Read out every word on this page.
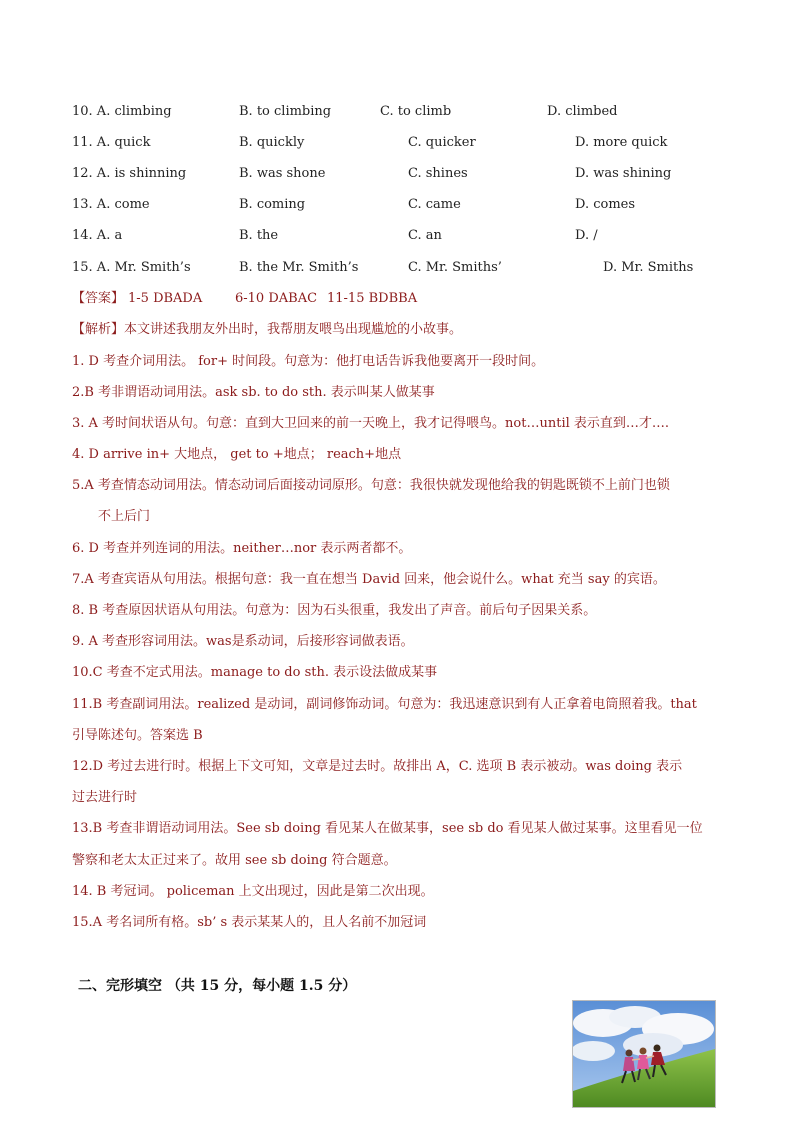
10. A. climbing	B. to climbing	C. to climb	D. climbed
11. A. quick	B. quickly	C. quicker	D. more quick
12. A. is shinning	B. was shone	C. shines	D. was shining
13. A. come	B. coming	C. came	D. comes
14. A. a	B. the	C. an	D. /
15. A. Mr. Smith’s	B. the Mr. Smith’s	C. Mr. Smiths’	D. Mr. Smiths
【答案】 1-5 DBADA	6-10 DABAC 11-15 BDBBA
【解析】本文讲述我朋友外出时，我帮朋友喂鸟出现尴尬的小故事。
1. D 考查介词用法。 for+ 时间段。句意为：他打电话告诉我他要离开一段时间。
2.B 考非谓语动词用法。ask sb. to do sth. 表示叫某人做某事
3. A 考时间状语从句。句意：直到大卫回来的前一天晚上，我才记得喂鸟。not…until 表示直到…才….
4. D arrive in+ 大地点， get to +地点； reach+地点
5.A 考查情态动词用法。情态动词后面接动词原形。句意：我很快就发现他给我的钥匙既锁不上前门也锁
不上后门
6. D 考查并列连词的用法。neither…nor 表示两者都不。
7.A 考查宾语从句用法。根据句意：我一直在想当 David 回来，他会说什么。what 充当 say 的宾语。
8. B 考查原因状语从句用法。句意为：因为石头很重，我发出了声音。前后句子因果关系。
9. A 考查形容词用法。was是系动词，后接形容词做表语。
10.C 考查不定式用法。manage to do sth. 表示设法做成某事
11.B 考查副词用法。realized 是动词，副词修饰动词。句意为：我迅速意识到有人正拿着电筒照着我。that
引导陈述句。答案选 B
12.D 考过去进行时。根据上下文可知，文章是过去时。故排出 A，C. 选项 B 表示被动。was doing 表示
过去进行时
13.B 考查非谓语动词用法。See sb doing 看见某人在做某事，see sb do 看见某人做过某事。这里看见一位
警察和老太太正过来了。故用 see sb doing 符合题意。
14. B 考冠词。 policeman 上文出现过，因此是第二次出现。
15.A 考名词所有格。sb’ s 表示某某人的，且人名前不加冠词
二、完形填空 （共 15 分，每小题 1.5 分）
